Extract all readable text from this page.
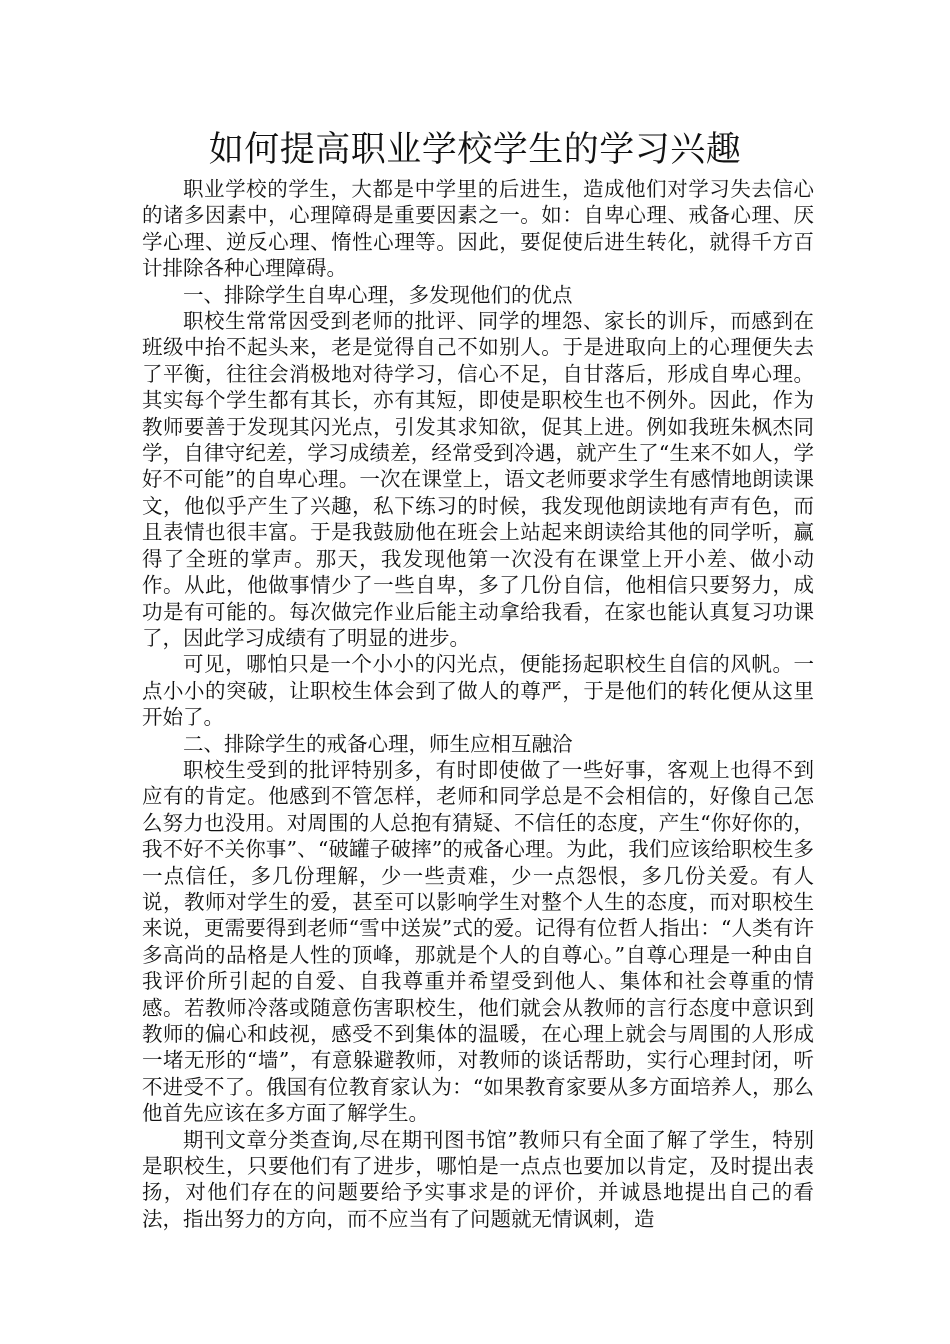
如何提高职业学校学生的学习兴趣

职业学校的学生，大都是中学里的后进生，造成他们对学习失去信心的诸多因素中，心理障碍是重要因素之一。如：自卑心理、戒备心理、厌学心理、逆反心理、惰性心理等。因此，要促使后进生转化，就得千方百计排除各种心理障碍。

一、排除学生自卑心理，多发现他们的优点

职校生常常因受到老师的批评、同学的埋怨、家长的训斥，而感到在班级中抬不起头来，老是觉得自己不如别人。于是进取向上的心理便失去了平衡，往往会消极地对待学习，信心不足，自甘落后，形成自卑心理。其实每个学生都有其长，亦有其短，即使是职校生也不例外。因此，作为教师要善于发现其闪光点，引发其求知欲，促其上进。例如我班朱枫杰同学，自律守纪差，学习成绩差，经常受到冷遇，就产生了“生来不如人，学好不可能”的自卑心理。一次在课堂上，语文老师要求学生有感情地朗读课文，他似乎产生了兴趣，私下练习的时候，我发现他朗读地有声有色，而且表情也很丰富。于是我鼓励他在班会上站起来朗读给其他的同学听，赢得了全班的掌声。那天，我发现他第一次没有在课堂上开小差、做小动作。从此，他做事情少了一些自卑，多了几份自信，他相信只要努力，成功是有可能的。每次做完作业后能主动拿给我看，在家也能认真复习功课了，因此学习成绩有了明显的进步。

可见，哪怕只是一个小小的闪光点，便能扬起职校生自信的风帆。一点小小的突破，让职校生体会到了做人的尊严，于是他们的转化便从这里开始了。

二、排除学生的戒备心理，师生应相互融洽

职校生受到的批评特别多，有时即使做了一些好事，客观上也得不到应有的肯定。他感到不管怎样，老师和同学总是不会相信的，好像自己怎么努力也没用。对周围的人总抱有猜疑、不信任的态度，产生“你好你的，我不好不关你事”、“破罐子破摔”的戒备心理。为此，我们应该给职校生多一点信任，多几份理解，少一些责难，少一点怨恨，多几份关爱。有人说，教师对学生的爱，甚至可以影响学生对整个人生的态度，而对职校生来说，更需要得到老师“雪中送炭”式的爱。记得有位哲人指出：“人类有许多高尚的品格是人性的顶峰，那就是个人的自尊心。”自尊心理是一种由自我评价所引起的自爱、自我尊重并希望受到他人、集体和社会尊重的情感。若教师冷落或随意伤害职校生，他们就会从教师的言行态度中意识到教师的偏心和歧视，感受不到集体的温暖，在心理上就会与周围的人形成一堵无形的“墙”，有意躲避教师，对教师的谈话帮助，实行心理封闭，听不进受不了。俄国有位教育家认为：“如果教育家要从多方面培养人，那么他首先应该在多方面了解学生。

期刊文章分类查询,尽在期刊图书馆”教师只有全面了解了学生，特别是职校生，只要他们有了进步，哪怕是一点点也要加以肯定，及时提出表扬，对他们存在的问题要给予实事求是的评价，并诚恳地提出自己的看法，指出努力的方向，而不应当有了问题就无情讽刺，造
